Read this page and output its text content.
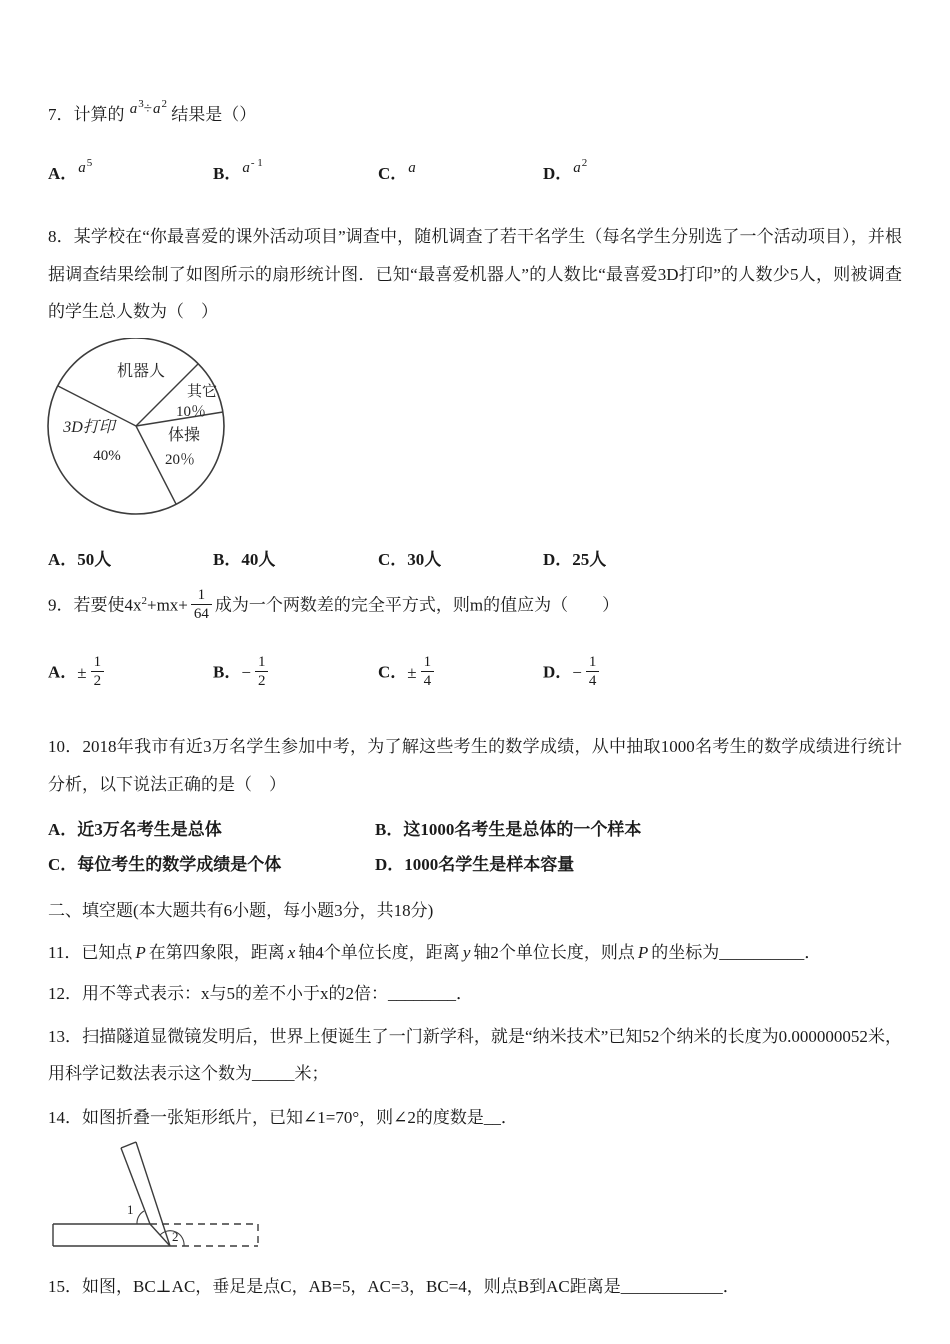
7．计算的 $a^3\div a^2$ 结果是（）
A．$a^5$
B．$a^{- 1}$
C．a	D．$a^2$
8．某学校在“你最喜爱的课外活动项目”调查中，随机调查了若干名学生（每名学生分别选了一个活动项目），并根据调查结果绘制了如图所示的扇形统计图．已知“最喜爱机器人”的人数比“最喜爱3D打印”的人数少5人，则被调查的学生总人数为（　）
机器人
其它
10％
体操
20％
3D打印
40%
A．50人	B．40人	C．30人	D．25人
9．若要使$4x^2+mx+ \frac{1}{64}$ 成为一个两数差的完全平方式，则m的值应为（　　）
A．± $\frac{1}{2}$	B．− $\frac{1}{2}$	C．± $\frac{1}{4}$	D．− $\frac{1}{4}$
10．2018年我市有近3万名学生参加中考，为了解这些考生的数学成绩，从中抽取1000名考生的数学成绩进行统计分析，以下说法正确的是（　）
A．近3万名考生是总体	B．这1000名考生是总体的一个样本
C．每位考生的数学成绩是个体	D．1000名学生是样本容量
二、填空题(本大题共有6小题，每小题3分，共18分)
11．已知点 P 在第四象限，距离 x 轴4个单位长度，距离 y 轴2个单位长度，则点 P 的坐标为__________．
12．用不等式表示：x与5的差不小于x的2倍：________．
13．扫描隧道显微镜发明后，世界上便诞生了一门新学科，就是“纳米技术”已知52个纳米的长度为0.000000052米，用科学记数法表示这个数为_____米；
14．如图折叠一张矩形纸片，已知∠1=70°，则∠2的度数是__．
1
2
15．如图，BC⊥AC，垂足是点C，AB=5，AC=3，BC=4，则点B到AC距离是____________．
